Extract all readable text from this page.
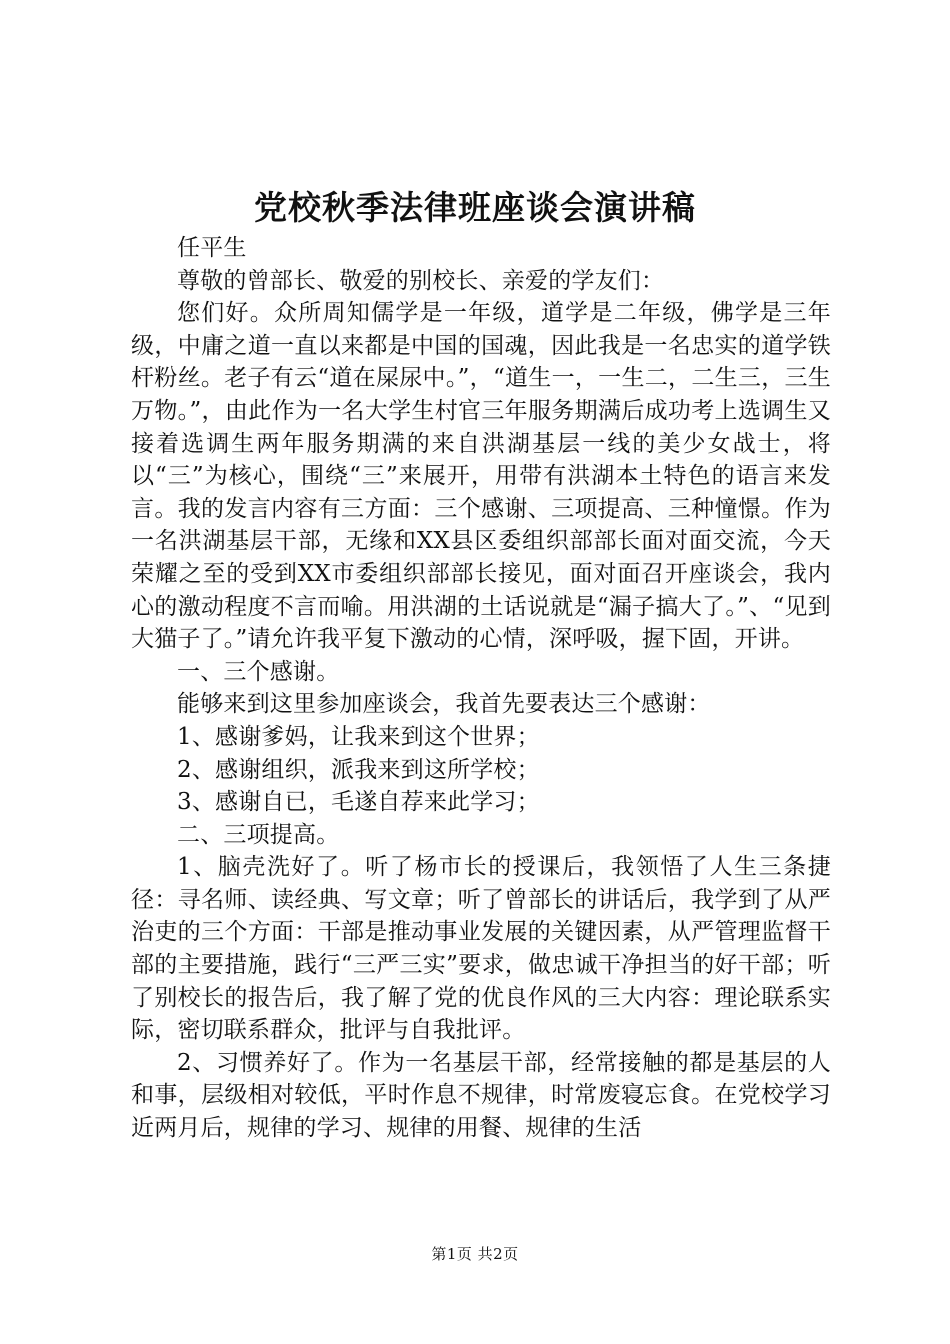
党校秋季法律班座谈会演讲稿

任平生

尊敬的曾部长、敬爱的别校长、亲爱的学友们：

您们好。众所周知儒学是一年级，道学是二年级，佛学是三年级，中庸之道一直以来都是中国的国魂，因此我是一名忠实的道学铁杆粉丝。老子有云“道在屎尿中。”，“道生一，一生二，二生三，三生万物。”，由此作为一名大学生村官三年服务期满后成功考上选调生又接着选调生两年服务期满的来自洪湖基层一线的美少女战士，将以“三”为核心，围绕“三”来展开，用带有洪湖本土特色的语言来发言。我的发言内容有三方面：三个感谢、三项提高、三种憧憬。作为一名洪湖基层干部，无缘和XX县区委组织部部长面对面交流，今天荣耀之至的受到XX市委组织部部长接见，面对面召开座谈会，我内心的激动程度不言而喻。用洪湖的土话说就是“漏子搞大了。”、“见到大猫子了。”请允许我平复下激动的心情，深呼吸，握下固，开讲。

一、三个感谢。

能够来到这里参加座谈会，我首先要表达三个感谢：

1、感谢爹妈，让我来到这个世界；

2、感谢组织，派我来到这所学校；

3、感谢自已，毛遂自荐来此学习；

二、三项提高。

1、脑壳洗好了。听了杨市长的授课后，我领悟了人生三条捷径：寻名师、读经典、写文章；听了曾部长的讲话后，我学到了从严治吏的三个方面：干部是推动事业发展的关键因素，从严管理监督干部的主要措施，践行“三严三实”要求，做忠诚干净担当的好干部；听了别校长的报告后，我了解了党的优良作风的三大内容：理论联系实际，密切联系群众，批评与自我批评。

2、习惯养好了。作为一名基层干部，经常接触的都是基层的人和事，层级相对较低，平时作息不规律，时常废寝忘食。在党校学习近两月后，规律的学习、规律的用餐、规律的生活

第1页 共2页
